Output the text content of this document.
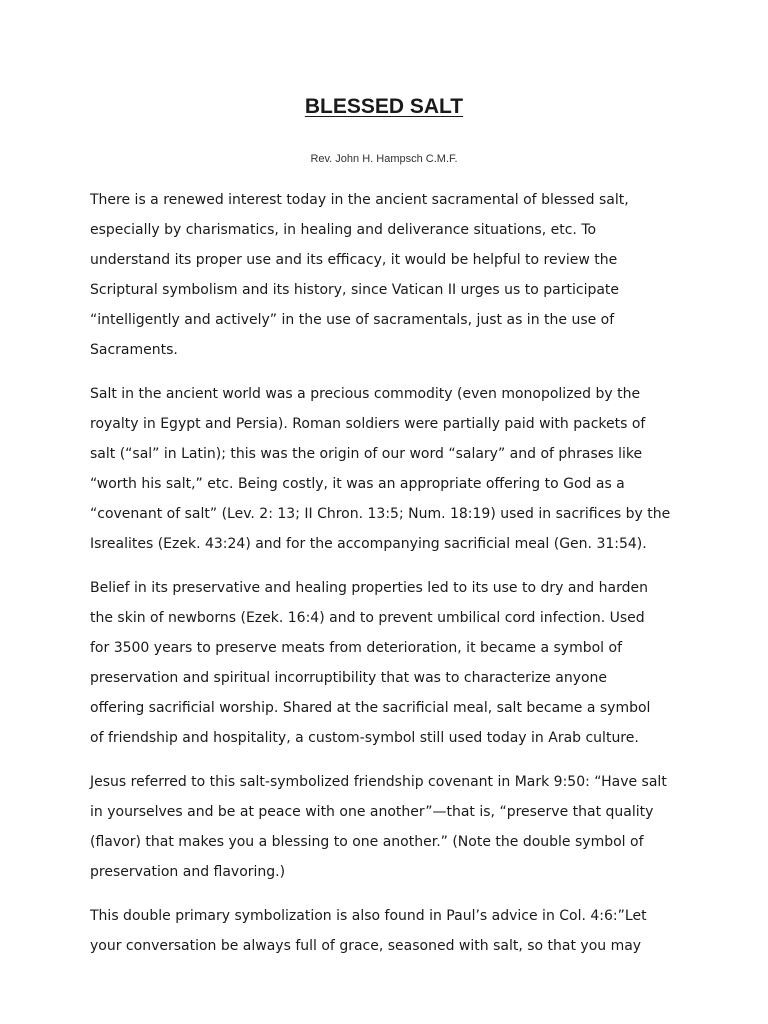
BLESSED SALT

Rev. John H. Hampsch C.M.F.

There is a renewed interest today in the ancient sacramental of blessed salt,
especially by charismatics, in healing and deliverance situations, etc. To
understand its proper use and its efficacy, it would be helpful to review the
Scriptural symbolism and its history, since Vatican II urges us to participate
“intelligently and actively” in the use of sacramentals, just as in the use of
Sacraments.
Salt in the ancient world was a precious commodity (even monopolized by the
royalty in Egypt and Persia). Roman soldiers were partially paid with packets of
salt (“sal” in Latin); this was the origin of our word “salary” and of phrases like
“worth his salt,” etc. Being costly, it was an appropriate offering to God as a
“covenant of salt” (Lev. 2: 13; II Chron. 13:5; Num. 18:19) used in sacrifices by the
Isrealites (Ezek. 43:24) and for the accompanying sacrificial meal (Gen. 31:54).
Belief in its preservative and healing properties led to its use to dry and harden
the skin of newborns (Ezek. 16:4) and to prevent umbilical cord infection. Used
for 3500 years to preserve meats from deterioration, it became a symbol of
preservation and spiritual incorruptibility that was to characterize anyone
offering sacrificial worship. Shared at the sacrificial meal, salt became a symbol
of friendship and hospitality, a custom-symbol still used today in Arab culture.
Jesus referred to this salt-symbolized friendship covenant in Mark 9:50: “Have salt
in yourselves and be at peace with one another”—that is, “preserve that quality
(flavor) that makes you a blessing to one another.” (Note the double symbol of
preservation and flavoring.)
This double primary symbolization is also found in Paul’s advice in Col. 4:6:”Let
your conversation be always full of grace, seasoned with salt, so that you may
